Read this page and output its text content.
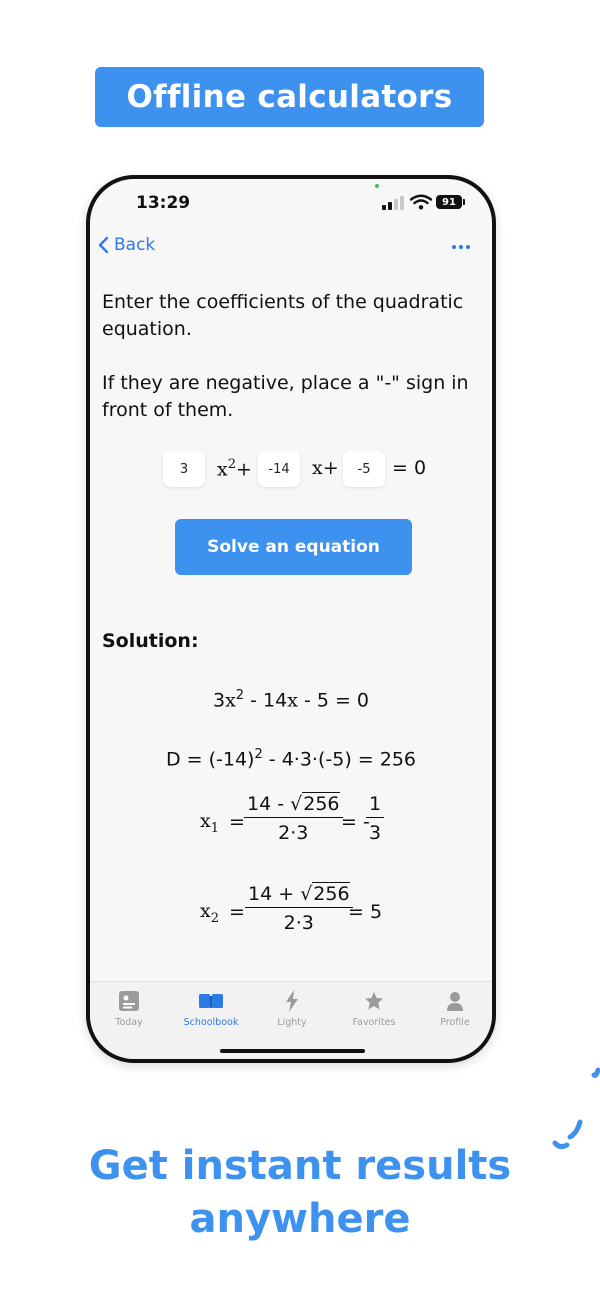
Offline calculators
13:29	91
Back
Enter the coefficients of the quadratic equation.
If they are negative, place a "-" sign in front of them.
3	$x^2+$	-14	x+	-5	= 0
Solve an equation
Solution:
$3x^2 - 14x - 5 = 0$
$D = (-14)^2 - 4\cdot 3\cdot(-5) = 256$
$x_1 = \frac{14 - √256}{2\cdot 3}$
= -
$\frac{1}{3}$
$x_2 = \frac{14 + √256}{2\cdot 3}$
= 5
Today	Schoolbook	Lighty	Favorites	Profile
Get instant results
anywhere
